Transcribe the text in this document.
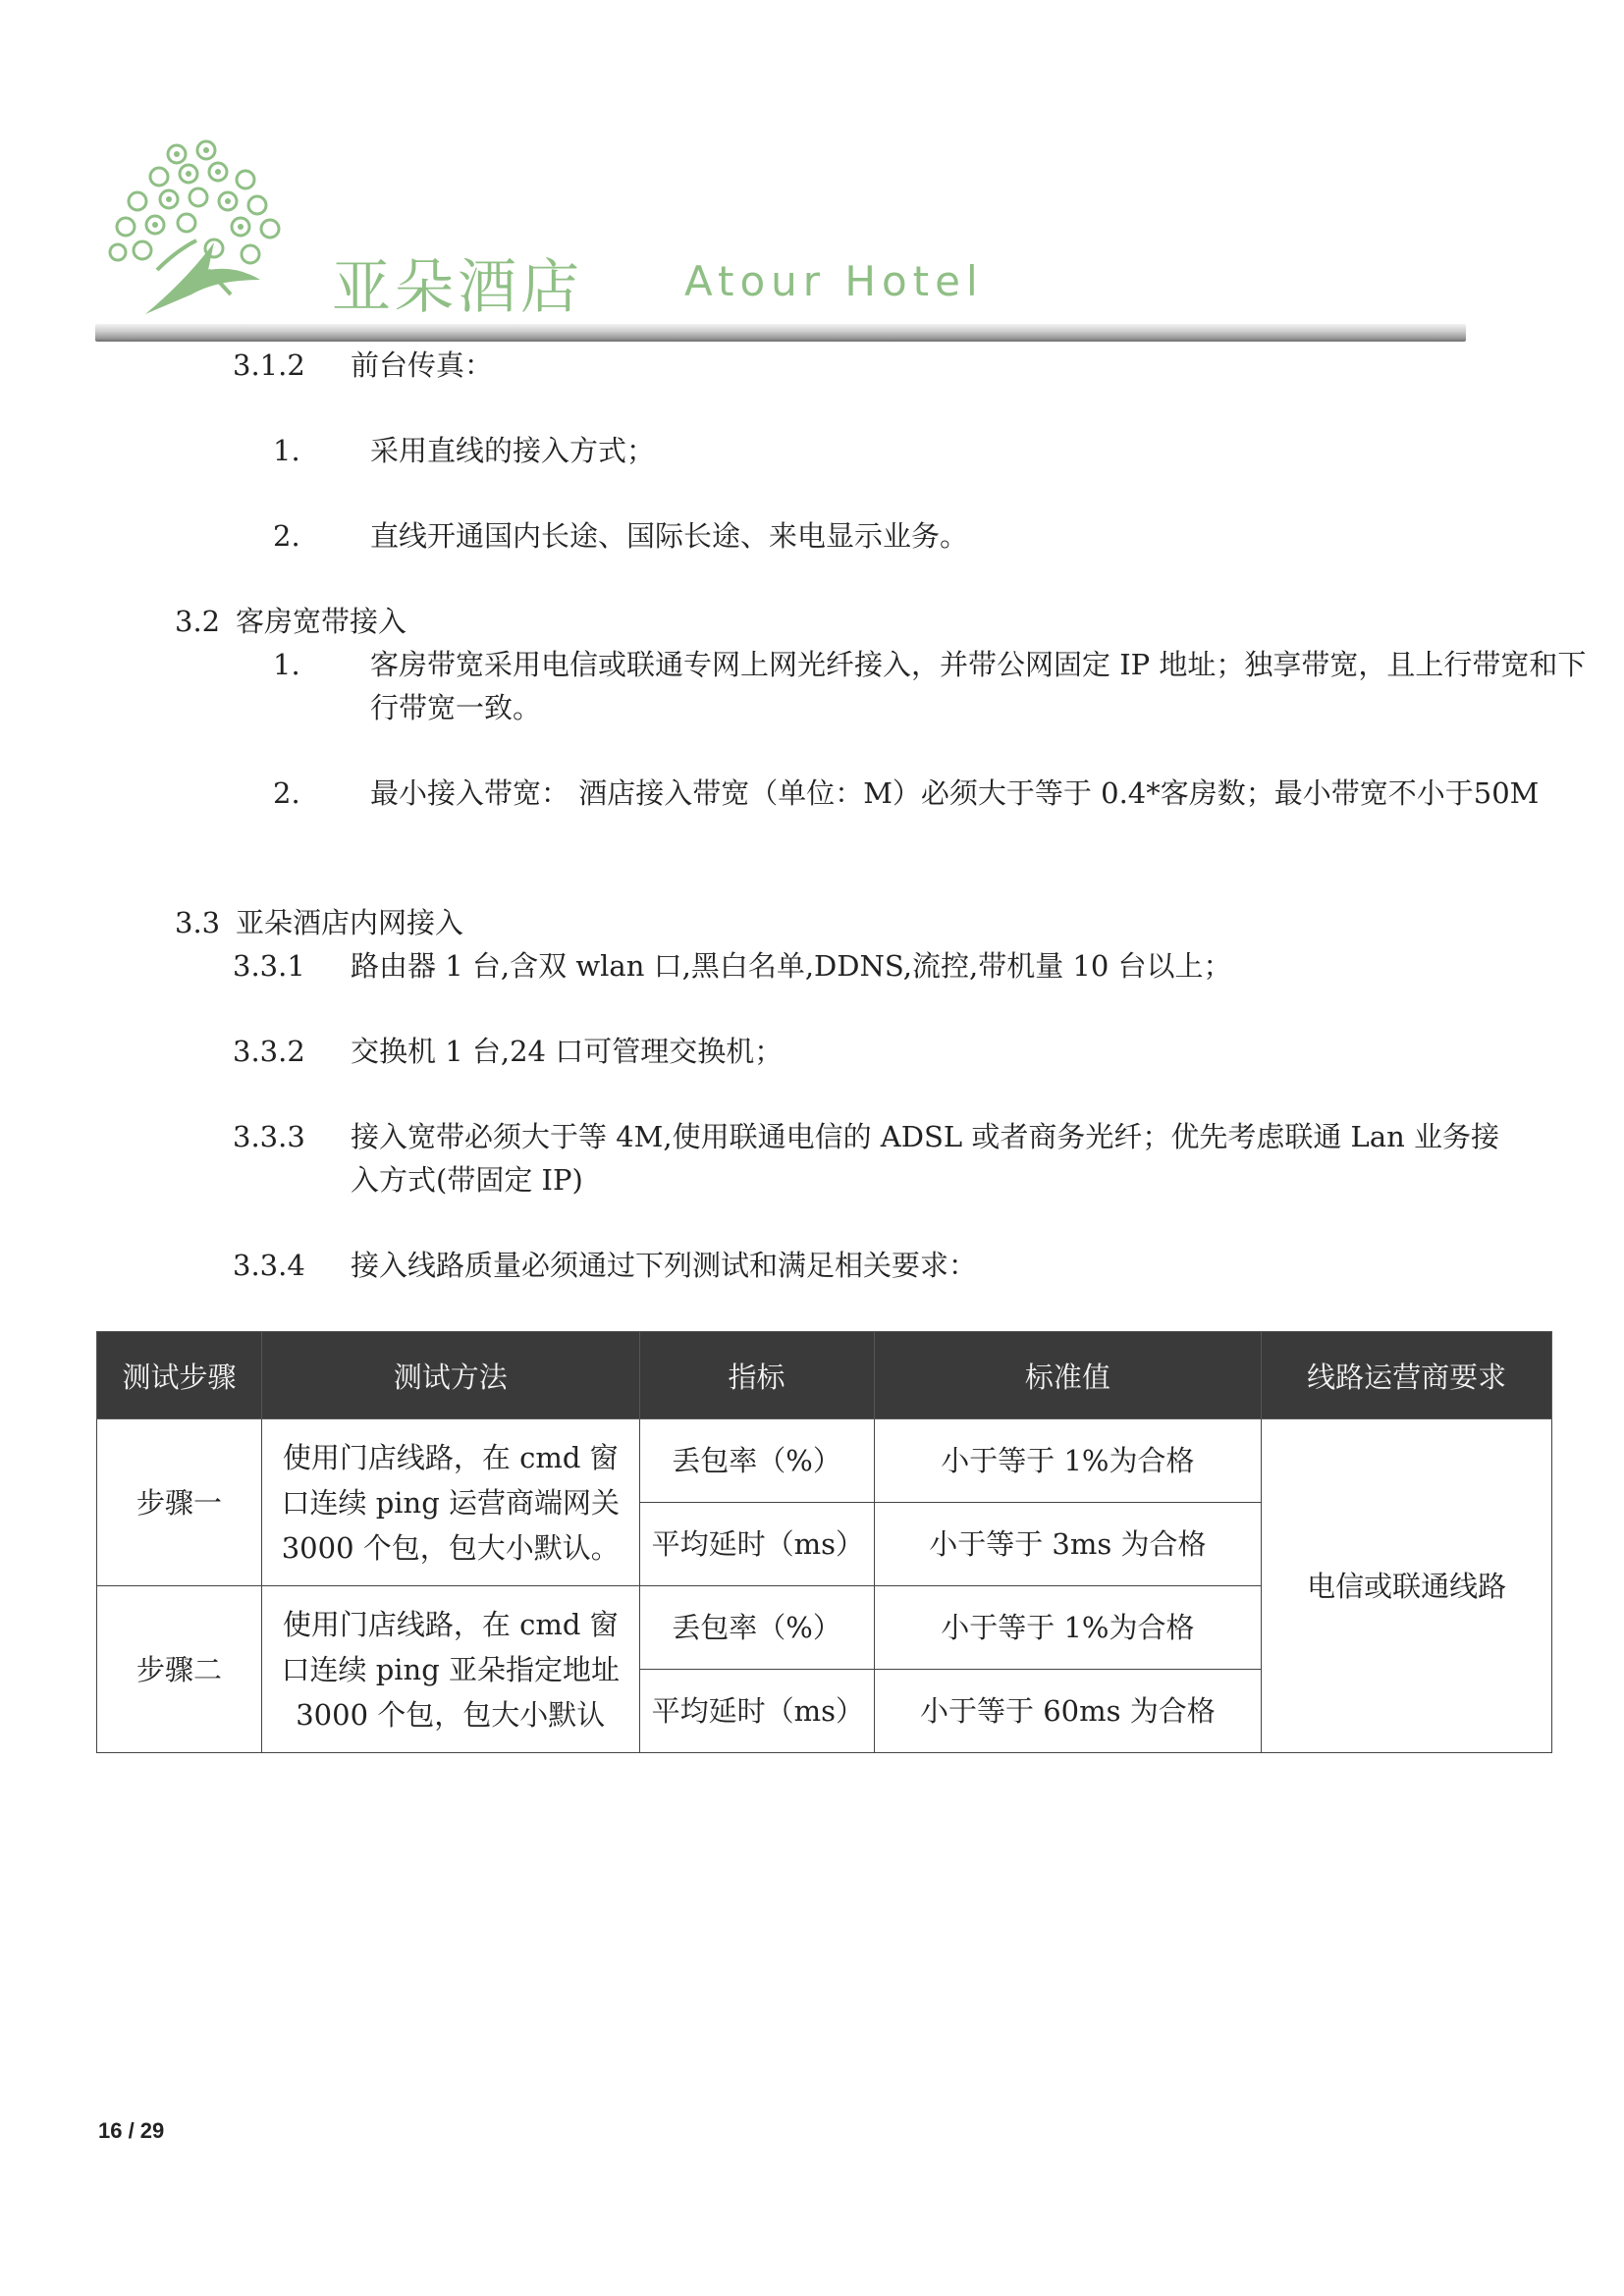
亚朵酒店 Atour Hotel
3.1.2 前台传真：
1. 采用直线的接入方式；
2. 直线开通国内长途、国际长途、来电显示业务。
3.2 客房宽带接入
1. 客房带宽采用电信或联通专网上网光纤接入，并带公网固定 IP 地址；独享带宽，且上行带宽和下行带宽一致。
2. 最小接入带宽： 酒店接入带宽（单位：M）必须大于等于 0.4*客房数；最小带宽不小于50M
3.3 亚朵酒店内网接入
3.3.1 路由器 1 台,含双 wlan 口,黑白名单,DDNS,流控,带机量 10 台以上；
3.3.2 交换机 1 台,24 口可管理交换机；
3.3.3 接入宽带必须大于等 4M,使用联通电信的 ADSL 或者商务光纤；优先考虑联通 Lan 业务接入方式(带固定 IP)
3.3.4 接入线路质量必须通过下列测试和满足相关要求：
测试步骤	测试方法	指标	标准值	线路运营商要求
步骤一	使用门店线路，在 cmd 窗口连续 ping 运营商端网关 3000 个包，包大小默认。	丢包率（%）	小于等于 1%为合格	电信或联通线路
		平均延时（ms）	小于等于 3ms 为合格	
步骤二	使用门店线路，在 cmd 窗口连续 ping 亚朵指定地址 3000 个包，包大小默认	丢包率（%）	小于等于 1%为合格	
		平均延时（ms）	小于等于 60ms 为合格	
16 / 29
